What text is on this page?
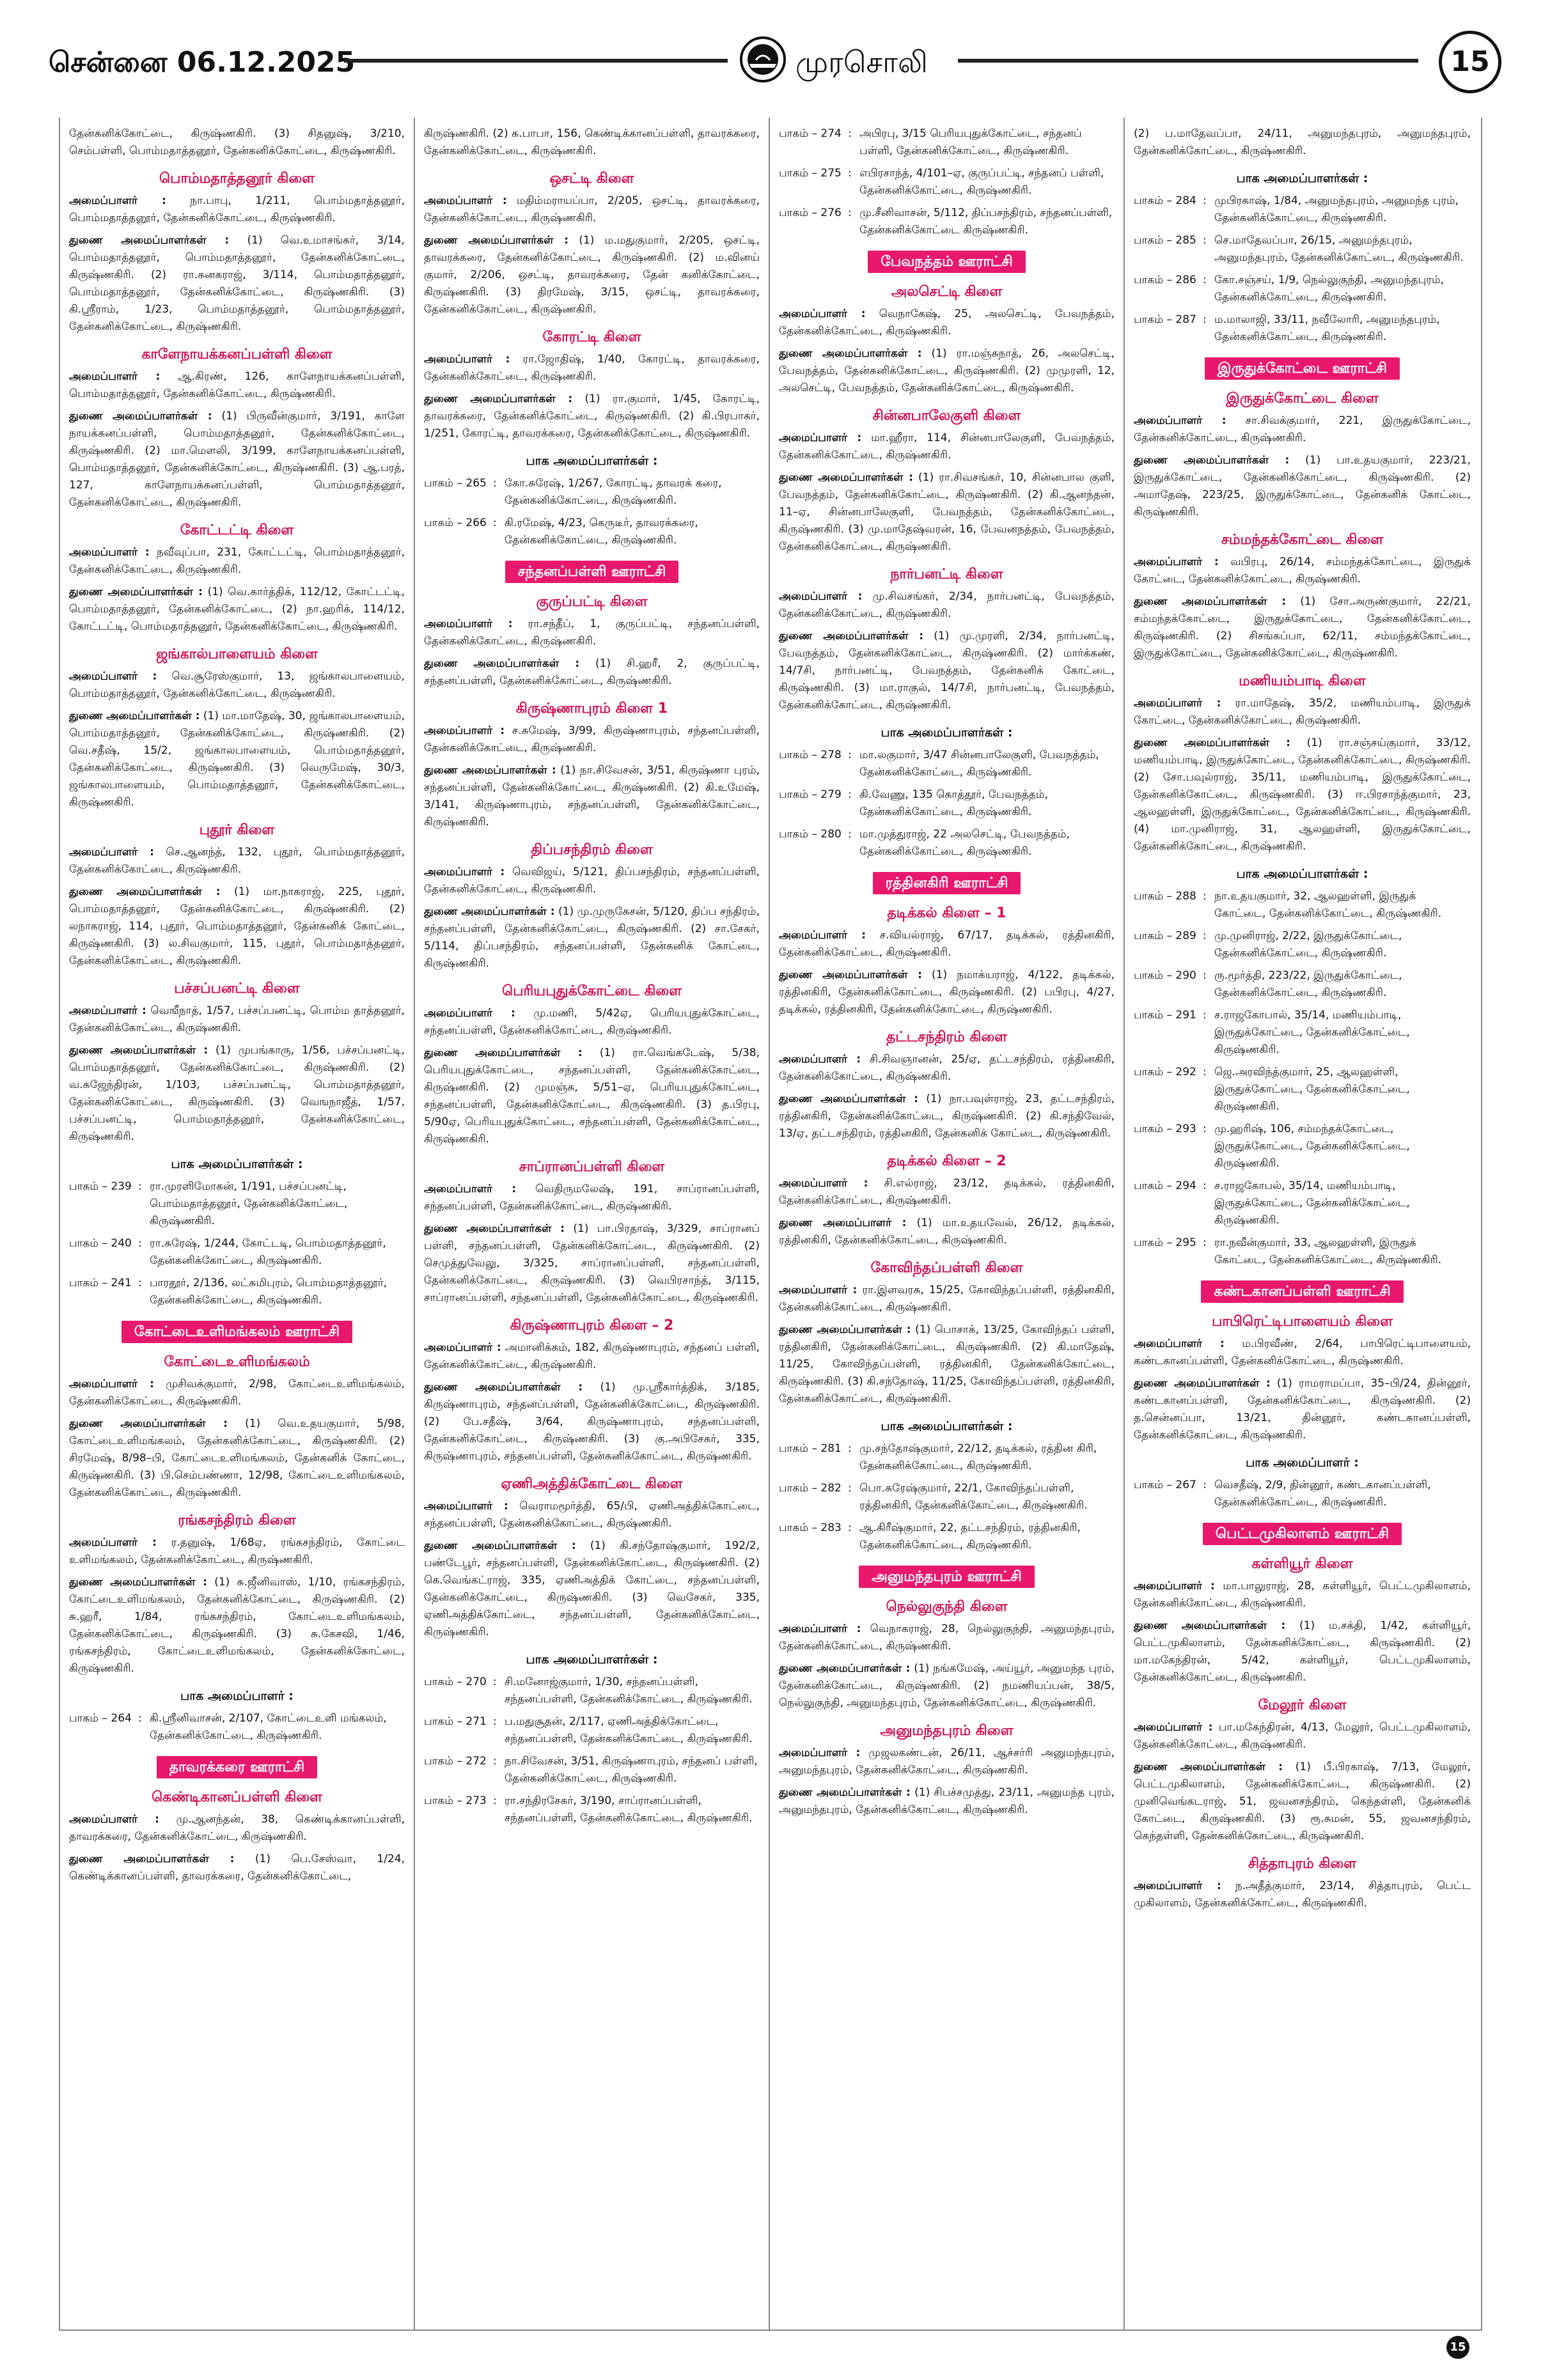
சென்னை 06.12.2025	முரசொலி	15

தேன்கனிக்கோட்டை, கிருஷ்ணகிரி. (3) சிதனுஷ், 3/210, செம்பள்ளி, பொம்மதாத்தனூர், தேன்கனிக்கோட்டை, கிருஷ்ணகிரி.

பொம்மதாத்தனூர் கிளை

அமைப்பாளர் : நா.பாபு, 1/211, பொம்மதாத்தனூர், பொம்மதாத்தனூர், தேன்கனிக்கோட்டை, கிருஷ்ணகிரி.

துணை அமைப்பாளர்கள் : (1) வெ.உமாசங்கர், 3/14, பொம்மதாத்தனூர், பொம்மதாத்தனூர், தேன்கனிக்கோட்டை, கிருஷ்ணகிரி. (2) ரா.கனகராஜ், 3/114, பொம்மதாத்தனூர், பொம்மதாத்தனூர், தேன்கனிக்கோட்டை, கிருஷ்ணகிரி. (3) கி.ஸ்ரீராம், 1/23, பொம்மதாத்தனூர், பொம்மதாத்தனூர், தேன்கனிக்கோட்டை, கிருஷ்ணகிரி.

காளேநாயக்கனப்பள்ளி கிளை

அமைப்பாளர் : ஆ.கிரண், 126, காளேநாயக்கனப்பள்ளி, பொம்மதாத்தனூர், தேன்கனிக்கோட்டை, கிருஷ்ணகிரி.

துணை அமைப்பாளர்கள் : (1) பிருவீன்குமார், 3/191, காளே நாயக்கனப்பள்ளி, பொம்மதாத்தனூர், தேன்கனிக்கோட்டை, கிருஷ்ணகிரி. (2) மா.மௌலி, 3/199, காளேநாயக்கனப்பள்ளி, பொம்மதாத்தனூர், தேன்கனிக்கோட்டை, கிருஷ்ணகிரி. (3) ஆ.பரத், 127, காளேநாயக்கனப்பள்ளி, பொம்மதாத்தனூர், தேன்கனிக்கோட்டை, கிருஷ்ணகிரி.

கோட்டட்டி கிளை

அமைப்பாளர் : நவீவுப்பா, 231, கோட்டட்டி, பொம்மதாத்தனூர், தேன்கனிக்கோட்டை, கிருஷ்ணகிரி.

துணை அமைப்பாளர்கள் : (1) வெ.கார்த்திக், 112/12, கோட்டட்டி, பொம்மதாத்தனூர், தேன்கனிக்கோட்டை, (2) நா.ஹரிக், 114/12, கோட்டட்டி, பொம்மதாத்தனூர், தேன்கனிக்கோட்டை, கிருஷ்ணகிரி.

ஜங்கால்பாளையம் கிளை

அமைப்பாளர் : வெ.சூரேஸ்குமார், 13, ஜங்காலபாளையம், பொம்மதாத்தனூர், தேன்கனிக்கோட்டை, கிருஷ்ணகிரி.

துணை அமைப்பாளர்கள் : (1) மா.மாதேஷ், 30, ஜங்காலபாளையம், பொம்மதாத்தனூர், தேன்கனிக்கோட்டை, கிருஷ்ணகிரி. (2) வெ.சதீஷ், 15/2, ஜங்காலபாளையம், பொம்மதாத்தனூர், தேன்கனிக்கோட்டை, கிருஷ்ணகிரி. (3) வெருமேஷ், 30/3, ஜங்காலபாளையம், பொம்மதாத்தனூர், தேன்கனிக்கோட்டை, கிருஷ்ணகிரி.

புதூர் கிளை

அமைப்பாளர் : செ.ஆனந்த், 132, புதூர், பொம்மதாத்தனூர், தேன்கனிக்கோட்டை, கிருஷ்ணகிரி.

துணை அமைப்பாளர்கள் : (1) மா.நாகராஜ், 225, புதூர், பொம்மதாத்தனூர், தேன்கனிக்கோட்டை, கிருஷ்ணகிரி. (2) லநாகராஜ், 114, புதூர், பொம்மதாத்தனூர், தேன்கனிக் கோட்டை, கிருஷ்ணகிரி. (3) ல.சிவகுமார், 115, புதூர், பொம்மதாத்தனூர், தேன்கனிக்கோட்டை, கிருஷ்ணகிரி.

பச்சப்பனட்டி கிளை

அமைப்பாளர் : வெஙீநாத், 1/57, பச்சப்பனட்டி, பொம்ம தாத்தனூர், தேன்கனிக்கோட்டை, கிருஷ்ணகிரி.

துணை அமைப்பாளர்கள் : (1) முபங்காரு, 1/56, பச்சப்பனட்டி, பொம்மதாத்தனூர், தேன்கனிக்கோட்டை, கிருஷ்ணகிரி. (2) வ.கஜேந்திரன், 1/103, பச்சப்பனட்டி, பொம்மதாத்தனூர், தேன்கனிக்கோட்டை, கிருஷ்ணகிரி. (3) வெஙநாஜீத், 1/57, பச்சப்பனட்டி, பொம்மதாத்தனூர், தேன்கனிக்கோட்டை, கிருஷ்ணகிரி.

பாக அமைப்பாளர்கள் :
பாகம் – 239 : ரா.முரளிமோகன், 1/191, பச்சப்பனட்டி, பொம்மதாத்தனூர், தேன்கனிக்கோட்டை, கிருஷ்ணகிரி.
பாகம் – 240 : ரா.சுரேஷ், 1/244, கோட்டடி, பொம்மதாத்தனூர், தேன்கனிக்கோட்டை, கிருஷ்ணகிரி.
பாகம் – 241 : பாரதூர், 2/136, லட்சுமிபுரம், பொம்மதாத்தனூர், தேன்கனிக்கோட்டை, கிருஷ்ணகிரி.
கோட்டைஉளிமங்கலம் ஊராட்சி
கோட்டைஉளிமங்கலம்

அமைப்பாளர் : முசிவக்குமார், 2/98, கோட்டைஉளிமங்கலம், தேன்கனிக்கோட்டை, கிருஷ்ணகிரி.

துணை அமைப்பாளர்கள் : (1) வெ.உதயகுமார், 5/98, கோட்டைஉளிமங்கலம், தேன்கனிக்கோட்டை, கிருஷ்ணகிரி. (2) சிரமேஷ், 8/98–பி, கோட்டைஉளிமங்கலம், தேன்கனிக் கோட்டை, கிருஷ்ணகிரி. (3) பி.செம்பண்ணா, 12/98, கோட்டைஉளிமங்கலம், தேன்கனிக்கோட்டை, கிருஷ்ணகிரி.

ரங்கசந்திரம் கிளை

அமைப்பாளர் : ர.தனுஷ், 1/68ஏ, ரங்கசந்திரம், கோட்டை உளிமங்கலம், தேன்கனிக்கோட்டை, கிருஷ்ணகிரி.

துணை அமைப்பாளர்கள் : (1) சு.ஜீனிவாஸ், 1/10, ரங்கசந்திரம், கோட்டைஉளிமங்கலம், தேன்கனிக்கோட்டை, கிருஷ்ணகிரி. (2) சு.ஹரீ, 1/84, ரங்கசந்திரம், கோட்டைஉளிமங்கலம், தேன்கனிக்கோட்டை, கிருஷ்ணகிரி. (3) சு.கேசவி, 1/46, ரங்கசந்திரம், கோட்டைஉளிமங்கலம், தேன்கனிக்கோட்டை, கிருஷ்ணகிரி.

பாக அமைப்பாளர் :
பாகம் – 264 : கி.ஸ்ரீனிவாசன், 2/107, கோட்டைஉளி மங்கலம், தேன்கனிக்கோட்டை, கிருஷ்ணகிரி.
தாவரக்கரை ஊராட்சி
கெண்டிகானப்பள்ளி கிளை

அமைப்பாளர் : மு.ஆனந்தன், 38, கெண்டிக்கானப்பள்ளி, தாவரக்கரை, தேன்கனிக்கோட்டை, கிருஷ்ணகிரி.

துணை அமைப்பாளர்கள் : (1) பெ.சேஸ்வா, 1/24, கெண்டிக்கானப்பள்ளி, தாவரக்கரை, தேன்கனிக்கோட்டை,

கிருஷ்ணகிரி. (2) க.பாபா, 156, கெண்டிக்கானப்பள்ளி, தாவரக்கரை, தேன்கனிக்கோட்டை, கிருஷ்ணகிரி.

ஒசட்டி கிளை

அமைப்பாளர் : மதிம்மராயப்பா, 2/205, ஒசட்டி, தாவரக்கரை, தேன்கனிக்கோட்டை, கிருஷ்ணகிரி.

துணை அமைப்பாளர்கள் : (1) ம.மதுகுமார், 2/205, ஒசட்டி, தாவரக்கரை, தேன்கனிக்கோட்டை, கிருஷ்ணகிரி. (2) ம.வினய் குமார், 2/206, ஒசட்டி, தாவரக்கரை, தேன் கனிக்கோட்டை, கிருஷ்ணகிரி. (3) திரமேஷ், 3/15, ஒசட்டி, தாவரக்கரை, தேன்கனிக்கோட்டை, கிருஷ்ணகிரி.

கோரட்டி கிளை

அமைப்பாளர் : ரா.ஜோதிஷ், 1/40, கோரட்டி, தாவரக்கரை, தேன்கனிக்கோட்டை, கிருஷ்ணகிரி.

துணை அமைப்பாளர்கள் : (1) ரா.குமார், 1/45, கோரட்டி, தாவரக்கரை, தேன்கனிக்கோட்டை, கிருஷ்ணகிரி. (2) கி.பிரபாகர், 1/251, கோரட்டி, தாவரக்கரை, தேன்கனிக்கோட்டை, கிருஷ்ணகிரி.

பாக அமைப்பாளர்கள் :
பாகம் – 265 : கோ.சுரேஷ், 1/267, கோரட்டி, தாவரக் கரை, தேன்கனிக்கோட்டை, கிருஷ்ணகிரி.
பாகம் – 266 : கி.ரமேஷ், 4/23, கெருடீர், தாவரக்கரை, தேன்கனிக்கோட்டை, கிருஷ்ணகிரி.
சந்தனப்பள்ளி ஊராட்சி
குருப்பட்டி கிளை

அமைப்பாளர் : ரா.சந்தீப், 1, குருப்பட்டி, சந்தனப்பள்ளி, தேன்கனிக்கோட்டை, கிருஷ்ணகிரி.

துணை அமைப்பாளர்கள் : (1) சி.ஹரீ, 2, குருப்பட்டி, சந்தனப்பள்ளி, தேன்கனிக்கோட்டை, கிருஷ்ணகிரி.

கிருஷ்ணாபுரம் கிளை 1

அமைப்பாளர் : ச.சுமேஷ், 3/99, கிருஷ்ணாபுரம், சந்தனப்பள்ளி, தேன்கனிக்கோட்டை, கிருஷ்ணகிரி.

துணை அமைப்பாளர்கள் : (1) நா.சிவேசன், 3/51, கிருஷ்ணா புரம், சந்தனப்பள்ளி, தேன்கனிக்கோட்டை, கிருஷ்ணகிரி. (2) கி.உமேஷ், 3/141, கிருஷ்ணாபுரம், சந்தனப்பள்ளி, தேன்கனிக்கோட்டை, கிருஷ்ணகிரி.

திப்பசந்திரம் கிளை

அமைப்பாளர் : வெவிஜய், 5/121, திப்பசந்திரம், சந்தனப்பள்ளி, தேன்கனிக்கோட்டை, கிருஷ்ணகிரி.

துணை அமைப்பாளர்கள் : (1) மு.முருகேசன், 5/120, திப்ப சந்திரம், சந்தனப்பள்ளி, தேன்கனிக்கோட்டை, கிருஷ்ணகிரி. (2) சா.சேகர், 5/114, திப்பசந்திரம், சந்தனப்பள்ளி, தேன்கனிக் கோட்டை, கிருஷ்ணகிரி.

பெரியபுதுக்கோட்டை கிளை

அமைப்பாளர் : மு.மணி, 5/42ஏ, பெரியபுதுக்கோட்டை, சந்தனப்பள்ளி, தேன்கனிக்கோட்டை, கிருஷ்ணகிரி.

துணை அமைப்பாளர்கள் : (1) ரா.வெங்கடேஷ், 5/38, பெரியபுதுக்கோட்டை, சந்தனப்பள்ளி, தேன்கனிக்கோட்டை, கிருஷ்ணகிரி. (2) முமஞ்சு, 5/51–ஏ, பெரியபுதுக்கோட்டை, சந்தனப்பள்ளி, தேன்கனிக்கோட்டை, கிருஷ்ணகிரி. (3) த.பிரபு, 5/90ஏ, பெரியபுதுக்கோட்டை, சந்தனப்பள்ளி, தேன்கனிக்கோட்டை, கிருஷ்ணகிரி.

சாப்ரானப்பள்ளி கிளை

அமைப்பாளர் : வெதிருமலேஷ், 191, சாப்ரானப்பள்ளி, சந்தனப்பள்ளி, தேன்கனிக்கோட்டை, கிருஷ்ணகிரி.

துணை அமைப்பாளர்கள் : (1) பா.பிரதாஷ், 3/329, சாப்ரானப் பள்ளி, சந்தனப்பள்ளி, தேன்கனிக்கோட்டை, கிருஷ்ணகிரி. (2) செமுத்துவேலு, 3/325, சாப்ரானப்பள்ளி, சந்தனப்பள்ளி, தேன்கனிக்கோட்டை, கிருஷ்ணகிரி. (3) வெபிரசாந்த், 3/115, சாப்ரானப்பள்ளி, சந்தனப்பள்ளி, தேன்கனிக்கோட்டை, கிருஷ்ணகிரி.

கிருஷ்ணாபுரம் கிளை – 2

அமைப்பாளர் : அமானிக்கம், 182, கிருஷ்ணாபுரம், சந்தனப் பள்ளி, தேன்கனிக்கோட்டை, கிருஷ்ணகிரி.

துணை அமைப்பாளர்கள் : (1) மு.ஸ்ரீகார்த்திக், 3/185, கிருஷ்ணாபுரம், சந்தனப்பள்ளி, தேன்கனிக்கோட்டை, கிருஷ்ணகிரி. (2) பே.சதீஷ், 3/64, கிருஷ்ணாபுரம், சந்தனப்பள்ளி, தேன்கனிக்கோட்டை, கிருஷ்ணகிரி. (3) கு.அபிசேகர், 335, கிருஷ்ணாபுரம், சந்தனப்பள்ளி, தேன்கனிக்கோட்டை, கிருஷ்ணகிரி.

ஏணிஅத்திக்கோட்டை கிளை

அமைப்பாளர் : வெராமமூர்த்தி, 65/பி, ஏணிஅத்திக்கோட்டை, சந்தனப்பள்ளி, தேன்கனிக்கோட்டை, கிருஷ்ணகிரி.

துணை அமைப்பாளர்கள் : (1) கி.சந்தோஷ்குமார், 192/2, பண்டேபூர், சந்தனப்பள்ளி, தேன்கனிக்கோட்டை, கிருஷ்ணகிரி. (2) கெ.வெங்கட்ராஜ், 335, ஏணிஅத்திக் கோட்டை, சந்தனப்பள்ளி, தேன்கனிக்கோட்டை, கிருஷ்ணகிரி. (3) வெசேகர், 335, ஏணிஅத்திக்கோட்டை, சந்தனப்பள்ளி, தேன்கனிக்கோட்டை, கிருஷ்ணகிரி.

பாக அமைப்பாளர்கள் :
பாகம் – 270 : சி.மனோஜ்குமார், 1/30, சந்தனப்பள்ளி, சந்தனப்பள்ளி, தேன்கனிக்கோட்டை, கிருஷ்ணகிரி.
பாகம் – 271 : ப.மதுசூதன், 2/117, ஏணிஅத்திக்கோட்டை, சந்தனப்பள்ளி, தேன்கனிக்கோட்டை, கிருஷ்ணகிரி.
பாகம் – 272 : நா.சிவேசன், 3/51, கிருஷ்ணாபுரம், சந்தனப் பள்ளி, தேன்கனிக்கோட்டை, கிருஷ்ணகிரி.
பாகம் – 273 : ரா.சந்திரசேகர், 3/190, சாப்ரானப்பள்ளி, சந்தனப்பள்ளி, தேன்கனிக்கோட்டை, கிருஷ்ணகிரி.
பாகம் – 274 : அபிரபு, 3/15 பெரியபுதுக்கோட்டை, சந்தனப் பள்ளி, தேன்கனிக்கோட்டை, கிருஷ்ணகிரி.
பாகம் – 275 : எபிரசாந்த், 4/101–ஏ, குருப்பட்டி, சந்தனப் பள்ளி, தேன்கனிக்கோட்டை, கிருஷ்ணகிரி.
பாகம் – 276 : மு.சீனிவாசன், 5/112, திப்பசந்திரம், சந்தனப்பள்ளி, தேன்கனிக்கோட்டை கிருஷ்ணகிரி.
பேவநத்தம் ஊராட்சி
அலசெட்டி கிளை

அமைப்பாளர் : வெநாகேஷ், 25, அலசெட்டி, பேவநத்தம், தேன்கனிக்கோட்டை, கிருஷ்ணகிரி.

துணை அமைப்பாளர்கள் : (1) ரா.மஞ்சுநாத், 26, அலசெட்டி, பேவநத்தம், தேன்கனிக்கோட்டை, கிருஷ்ணகிரி. (2) முமுரளி, 12, அலசெட்டி, பேவநத்தம், தேன்கனிக்கோட்டை, கிருஷ்ணகிரி.

சின்னபாலேகுளி கிளை

அமைப்பாளர் : மா.ஹீரா, 114, சின்னபாலேகுளி, பேவநத்தம், தேன்கனிக்கோட்டை, கிருஷ்ணகிரி.

துணை அமைப்பாளர்கள் : (1) ரா.சிவசங்கர், 10, சின்னபால குளி, பேவநத்தம், தேன்கனிக்கோட்டை, கிருஷ்ணகிரி. (2) கி.ஆனந்தன், 11–ஏ, சின்னபாலேகுளி, பேவநத்தம், தேன்கனிக்கோட்டை, கிருஷ்ணகிரி. (3) மு.மாதேஷ்வரன், 16, பேவனநத்தம், பேவநத்தம், தேன்கனிக்கோட்டை, கிருஷ்ணகிரி.

நார்பனட்டி கிளை

அமைப்பாளர் : மு.சிவசங்கர், 2/34, நார்பனட்டி, பேவநத்தம், தேன்கனிக்கோட்டை, கிருஷ்ணகிரி.

துணை அமைப்பாளர்கள் : (1) மு.முரளி, 2/34, நார்பனட்டி, பேவநத்தம், தேன்கனிக்கோட்டை, கிருஷ்ணகிரி. (2) மார்க்கண், 14/7சி, நார்பனட்டி, பேவநத்தம், தேன்கனிக் கோட்டை, கிருஷ்ணகிரி. (3) மா.ராகுல், 14/7சி, நார்பனட்டி, பேவநத்தம், தேன்கனிக்கோட்டை, கிருஷ்ணகிரி.

பாக அமைப்பாளர்கள் :
பாகம் – 278 : மா.லகுமார், 3/47 சின்னபாலேகுளி, பேவநத்தம், தேன்கனிக்கோட்டை, கிருஷ்ணகிரி.
பாகம் – 279 : கி.வேணு, 135 கொத்தூர், பேவநத்தம், தேன்கனிக்கோட்டை, கிருஷ்ணகிரி.
பாகம் – 280 : மா.முத்துராஜ், 22 அலசெட்டி, பேவநத்தம், தேன்கனிக்கோட்டை, கிருஷ்ணகிரி.
ரத்தினகிரி ஊராட்சி
தடிக்கல் கிளை – 1

அமைப்பாளர் : ச.வியல்ராஜ், 67/17, தடிக்கல், ரத்தினகிரி, தேன்கனிக்கோட்டை, கிருஷ்ணகிரி.

துணை அமைப்பாளர்கள் : (1) நமாக்யராஜ், 4/122, தடிக்கல், ரத்தினகிரி, தேன்கனிக்கோட்டை, கிருஷ்ணகிரி. (2) பபிரபு, 4/27, தடிக்கல், ரத்தினகிரி, தேன்கனிக்கோட்டை, கிருஷ்ணகிரி.

தட்டசந்திரம் கிளை

அமைப்பாளர் : சி.சிவஞானன், 25/ஏ, தட்டசந்திரம், ரத்தினகிரி, தேன்கனிக்கோட்டை, கிருஷ்ணகிரி.

துணை அமைப்பாளர்கள் : (1) நா.பவுள்ராஜ், 23, தட்டசந்திரம், ரத்தினகிரி, தேன்கனிக்கோட்டை, கிருஷ்ணகிரி. (2) கி.சந்திவேல், 13/ஏ, தட்டசந்திரம், ரத்தினகிரி, தேன்கனிக் கோட்டை, கிருஷ்ணகிரி.

தடிக்கல் கிளை – 2

அமைப்பாளர் : சி.எல்ராஜ், 23/12, தடிக்கல், ரத்தினகிரி, தேன்கனிக்கோட்டை, கிருஷ்ணகிரி.

துணை அமைப்பாளர் : (1) மா.உதயவேல், 26/12, தடிக்கல், ரத்தினகிரி, தேன்கனிக்கோட்டை, கிருஷ்ணகிரி.

கோவிந்தப்பள்ளி கிளை

அமைப்பாளர் : ரா.இளவரசு, 15/25, கோவிந்தப்பள்ளி, ரத்தினகிரி, தேன்கனிக்கோட்டை, கிருஷ்ணகிரி.

துணை அமைப்பாளர்கள் : (1) பொசாக், 13/25, கோவிந்தப் பள்ளி, ரத்தினகிரி, தேன்கனிக்கோட்டை, கிருஷ்ணகிரி. (2) கி.மாதேஷ், 11/25, கோவிந்தப்பள்ளி, ரத்தினகிரி, தேன்கனிக்கோட்டை, கிருஷ்ணகிரி. (3) கி.சந்தோஷ், 11/25, கோவிந்தப்பள்ளி, ரத்தினகிரி, தேன்கனிக்கோட்டை, கிருஷ்ணகிரி.

பாக அமைப்பாளர்கள் :
பாகம் – 281 : மு.சந்தோஷ்குமார், 22/12, தடிக்கல், ரத்தின கிரி, தேன்கனிக்கோட்டை, கிருஷ்ணகிரி.
பாகம் – 282 : பொ.சுரேஷ்குமார், 22/1, கோவிந்தப்பள்ளி, ரத்தினகிரி, தேன்கனிக்கோட்டை, கிருஷ்ணகிரி.
பாகம் – 283 : ஆ.கிரீஷ்குமார், 22, தட்டசந்திரம், ரத்தினகிரி, தேன்கனிக்கோட்டை, கிருஷ்ணகிரி.
அனுமந்தபுரம் ஊராட்சி
நெல்லுகுந்தி கிளை

அமைப்பாளர் : வெநாகராஜ், 28, நெல்லுகுந்தி, அனுமந்தபுரம், தேன்கனிக்கோட்டை, கிருஷ்ணகிரி.

துணை அமைப்பாளர்கள் : (1) நங்கமேஷ், அய்யூர், அனுமந்த புரம், தேன்கனிக்கோட்டை, கிருஷ்ணகிரி. (2) நமணியப்பன், 38/5, நெல்லுகுந்தி, அனுமந்தபுரம், தேன்கனிக்கோட்டை, கிருஷ்ணகிரி.

அனுமந்தபுரம் கிளை

அமைப்பாளர் : முஜலகண்டன், 26/11, ஆச்சர்ரி அனுமந்தபுரம், அனுமந்தபுரம், தேன்கனிக்கோட்டை, கிருஷ்ணகிரி.

துணை அமைப்பாளர்கள் : (1) சிபச்சமுத்து, 23/11, அனுமந்த புரம், அனுமந்தபுரம், தேன்கனிக்கோட்டை, கிருஷ்ணகிரி.

(2) ப.மாதேவப்பா, 24/11, அனுமந்தபுரம், அனுமந்தபுரம், தேன்கனிக்கோட்டை, கிருஷ்ணகிரி.

பாக அமைப்பாளர்கள் :
பாகம் – 284 : முபிரகாஷ், 1/84, அனுமந்தபுரம், அனுமந்த புரம், தேன்கனிக்கோட்டை, கிருஷ்ணகிரி.
பாகம் – 285 : செ.மாதேவப்பா, 26/15, அனுமந்தபுரம், அனுமந்தபுரம், தேன்கனிக்கோட்டை, கிருஷ்ணகிரி.
பாகம் – 286 : கோ.சஞ்சய், 1/9, நெல்லுகுந்தி, அனுமந்தபுரம், தேன்கனிக்கோட்டை, கிருஷ்ணகிரி.
பாகம் – 287 : ம.மாலாஜி, 33/11, நவீலோரி, அனுமந்தபுரம், தேன்கனிக்கோட்டை, கிருஷ்ணகிரி.
இருதுக்கோட்டை ஊராட்சி
இருதுக்கோட்டை கிளை

அமைப்பாளர் : சா.சிவக்குமார், 221, இருதுக்கோட்டை, தேன்கனிக்கோட்டை, கிருஷ்ணகிரி.

துணை அமைப்பாளர்கள் : (1) பா.உதயகுமார், 223/21, இருதுக்கோட்டை, தேன்கனிக்கோட்டை, கிருஷ்ணகிரி. (2) அமாதேஷ், 223/25, இருதுக்கோட்டை, தேன்கனிக் கோட்டை, கிருஷ்ணகிரி.

சம்மந்தக்கோட்டை கிளை

அமைப்பாளர் : வபிரபு, 26/14, சம்மந்தக்கோட்டை, இருதுக் கோட்டை, தேன்கனிக்கோட்டை, கிருஷ்ணகிரி.

துணை அமைப்பாளர்கள் : (1) சோ.அருண்குமார், 22/21, சம்மந்தக்கோட்டை, இருதுக்கோட்டை, தேன்கனிக்கோட்டை, கிருஷ்ணகிரி. (2) சிசங்கப்பா, 62/11, சம்மந்தக்கோட்டை, இருதுக்கோட்டை, தேன்கனிக்கோட்டை, கிருஷ்ணகிரி.

மணியம்பாடி கிளை

அமைப்பாளர் : ரா.மாதேஷ், 35/2, மணியம்பாடி, இருதுக் கோட்டை, தேன்கனிக்கோட்டை, கிருஷ்ணகிரி.

துணை அமைப்பாளர்கள் : (1) ரா.சஞ்சய்குமார், 33/12, மணியம்பாடி, இருதுக்கோட்டை, தேன்கனிக்கோட்டை, கிருஷ்ணகிரி. (2) சோ.பவுல்ராஜ், 35/11, மணியம்பாடி, இருதுக்கோட்டை, தேன்கனிக்கோட்டை, கிருஷ்ணகிரி. (3) ஈ.பிரசாந்த்குமார், 23, ஆலஹள்ளி, இருதுக்கோட்டை, தேன்கனிக்கோட்டை, கிருஷ்ணகிரி. (4) மா.முனிராஜ், 31, ஆலஹள்ளி, இருதுக்கோட்டை, தேன்கனிக்கோட்டை, கிருஷ்ணகிரி.

பாக அமைப்பாளர்கள் :
பாகம் – 288 : நா.உதயகுமார், 32, ஆலஹள்ளி, இருதுக் கோட்டை, தேன்கனிக்கோட்டை, கிருஷ்ணகிரி.
பாகம் – 289 : மு.முனிராஜ், 2/22, இருதுக்கோட்டை, தேன்கனிக்கோட்டை, கிருஷ்ணகிரி.
பாகம் – 290 : ரு.மூர்த்தி, 223/22, இருதுக்கோட்டை, தேன்கனிக்கோட்டை, கிருஷ்ணகிரி.
பாகம் – 291 : ச.ராஜகோபால், 35/14, மணியம்பாடி, இருதுக்கோட்டை, தேன்கனிக்கோட்டை, கிருஷ்ணகிரி.
பாகம் – 292 : ஜெ.அரவிந்த்குமார், 25, ஆலஹள்ளி, இருதுக்கோட்டை, தேன்கனிக்கோட்டை, கிருஷ்ணகிரி.
பாகம் – 293 : மு.ஹரிஷ், 106, சம்மந்தக்கோட்டை, இருதுக்கோட்டை, தேன்கனிக்கோட்டை, கிருஷ்ணகிரி.
பாகம் – 294 : ச.ராஜகோபல், 35/14, மணியம்பாடி, இருதுக்கோட்டை, தேன்கனிக்கோட்டை, கிருஷ்ணகிரி.
பாகம் – 295 : ரா.நவீன்குமார், 33, ஆலஹள்ளி, இருதுக் கோட்டை, தேன்கனிக்கோட்டை, கிருஷ்ணகிரி.
கண்டகானப்பள்ளி ஊராட்சி
பாபிரெட்டிபாளையம் கிளை

அமைப்பாளர் : ம.பிரவீண், 2/64, பாபிரெட்டிபாளையம், கண்டகானப்பள்ளி, தேன்கனிக்கோட்டை, கிருஷ்ணகிரி.

துணை அமைப்பாளர்கள் : (1) ராமராமப்பா, 35–பி/24, தின்னூர், கண்டகானப்பள்ளி, தேன்கனிக்கோட்டை, கிருஷ்ணகிரி. (2) த.சென்னப்பா, 13/21, தின்னூர், கண்டகானப்பள்ளி, தேன்கனிக்கோட்டை, கிருஷ்ணகிரி.

பாக அமைப்பாளர் :
பாகம் – 267 : வெசதீஷ், 2/9, தின்னூர், கண்டகானப்பள்ளி, தேன்கனிக்கோட்டை, கிருஷ்ணகிரி.
பெட்டமுகிலாளம் ஊராட்சி
கள்ளியூர் கிளை

அமைப்பாளர் : மா.பாலுராஜ், 28, கள்ளியூர், பெட்டமுகிலாளம், தேன்கனிக்கோட்டை, கிருஷ்ணகிரி.

துணை அமைப்பாளர்கள் : (1) ம.சக்தி, 1/42, கள்ளியூர், பெட்டமுகிலாளம், தேன்கனிக்கோட்டை, கிருஷ்ணகிரி. (2) மா.மகேந்திரன், 5/42, கள்ளியூர், பெட்டமுகிலாளம், தேன்கனிக்கோட்டை, கிருஷ்ணகிரி.

மேலூர் கிளை

அமைப்பாளர் : பா.மகேந்திரன், 4/13, மேலூர், பெட்டமுகிலாளம், தேன்கனிக்கோட்டை, கிருஷ்ணகிரி.

துணை அமைப்பாளர்கள் : (1) பீ.பிரகாஷ், 7/13, மேலூர், பெட்டமுகிலாளம், தேன்கனிக்கோட்டை, கிருஷ்ணகிரி. (2) முனிவெங்கடராஜ், 51, ஜவனசந்திரம், கெந்தள்ளி, தேன்கனிக் கோட்டை, கிருஷ்ணகிரி. (3) ரூ.சுமன், 55, ஜவனசந்திரம், கெந்தள்ளி, தேன்கனிக்கோட்டை, கிருஷ்ணகிரி.

சித்தாபுரம் கிளை

அமைப்பாளர் : ந.அதீத்குமார், 23/14, சித்தாபுரம், பெட்ட முகிலாளம், தேன்கனிக்கோட்டை, கிருஷ்ணகிரி.

15
